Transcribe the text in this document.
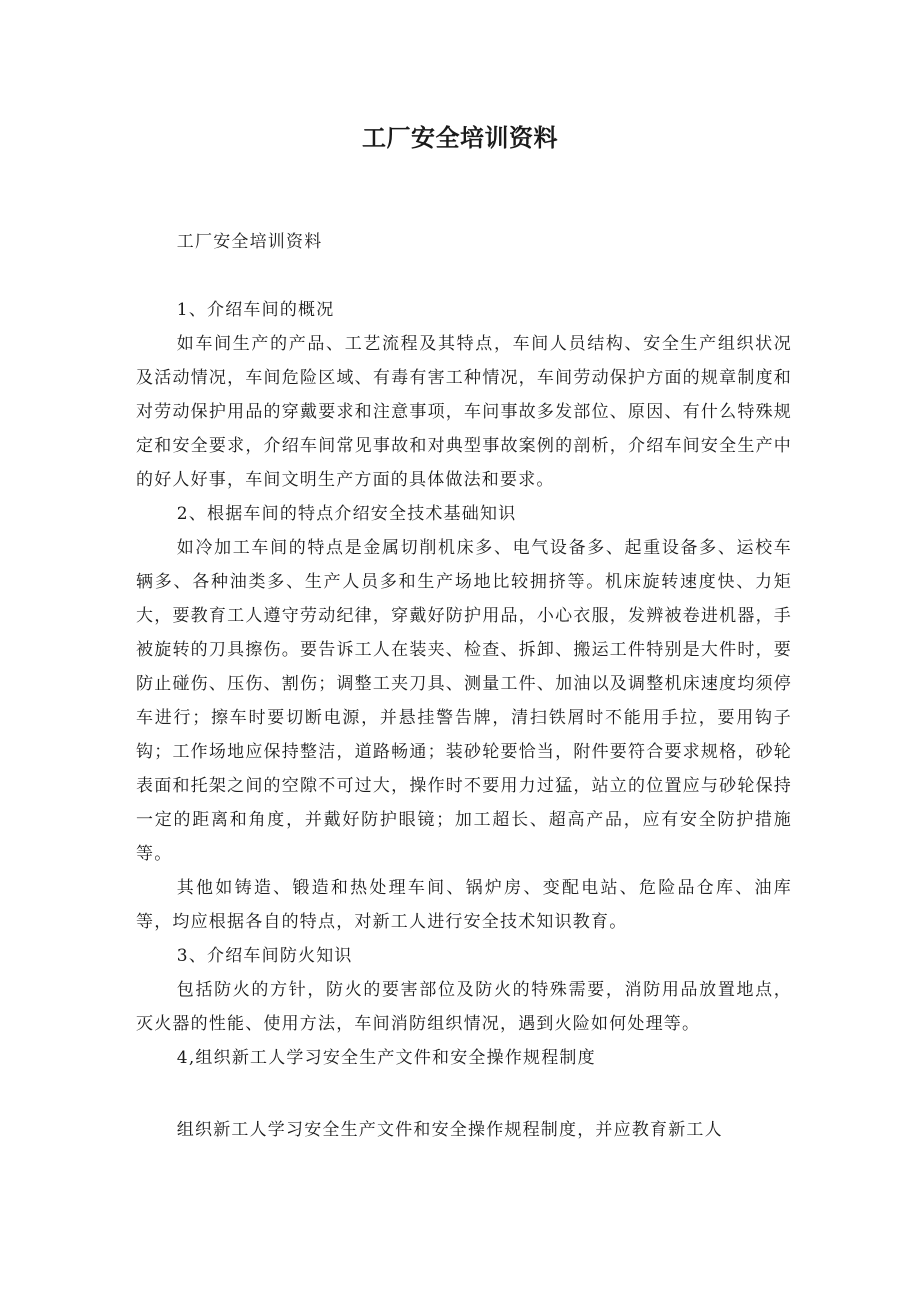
工厂安全培训资料

工厂安全培训资料

1、介绍车间的概况

如车间生产的产品、工艺流程及其特点，车间人员结构、安全生产组织状况及活动情况，车间危险区域、有毒有害工种情况，车间劳动保护方面的规章制度和对劳动保护用品的穿戴要求和注意事项，车问事故多发部位、原因、有什么特殊规定和安全要求，介绍车间常见事故和对典型事故案例的剖析，介绍车间安全生产中的好人好事，车间文明生产方面的具体做法和要求。

2、根据车间的特点介绍安全技术基础知识

如冷加工车间的特点是金属切削机床多、电气设备多、起重设备多、运校车辆多、各种油类多、生产人员多和生产场地比较拥挤等。机床旋转速度快、力矩大，要教育工人遵守劳动纪律，穿戴好防护用品，小心衣服，发辨被卷进机器，手被旋转的刀具擦伤。要告诉工人在装夹、检查、拆卸、搬运工件特别是大件时，要防止碰伤、压伤、割伤；调整工夹刀具、测量工件、加油以及调整机床速度均须停车进行；擦车时要切断电源，并悬挂警告牌，清扫铁屑时不能用手拉，要用钩子钩；工作场地应保持整洁，道路畅通；装砂轮要恰当，附件要符合要求规格，砂轮表面和托架之间的空隙不可过大，操作时不要用力过猛，站立的位置应与砂轮保持一定的距离和角度，并戴好防护眼镜；加工超长、超高产品，应有安全防护措施等。

其他如铸造、锻造和热处理车间、锅炉房、变配电站、危险品仓库、油库等，均应根据各自的特点，对新工人进行安全技术知识教育。

3、介绍车间防火知识

包括防火的方针，防火的要害部位及防火的特殊需要，消防用品放置地点，灭火器的性能、使用方法，车间消防组织情况，遇到火险如何处理等。

4,组织新工人学习安全生产文件和安全操作规程制度

组织新工人学习安全生产文件和安全操作规程制度，并应教育新工人
